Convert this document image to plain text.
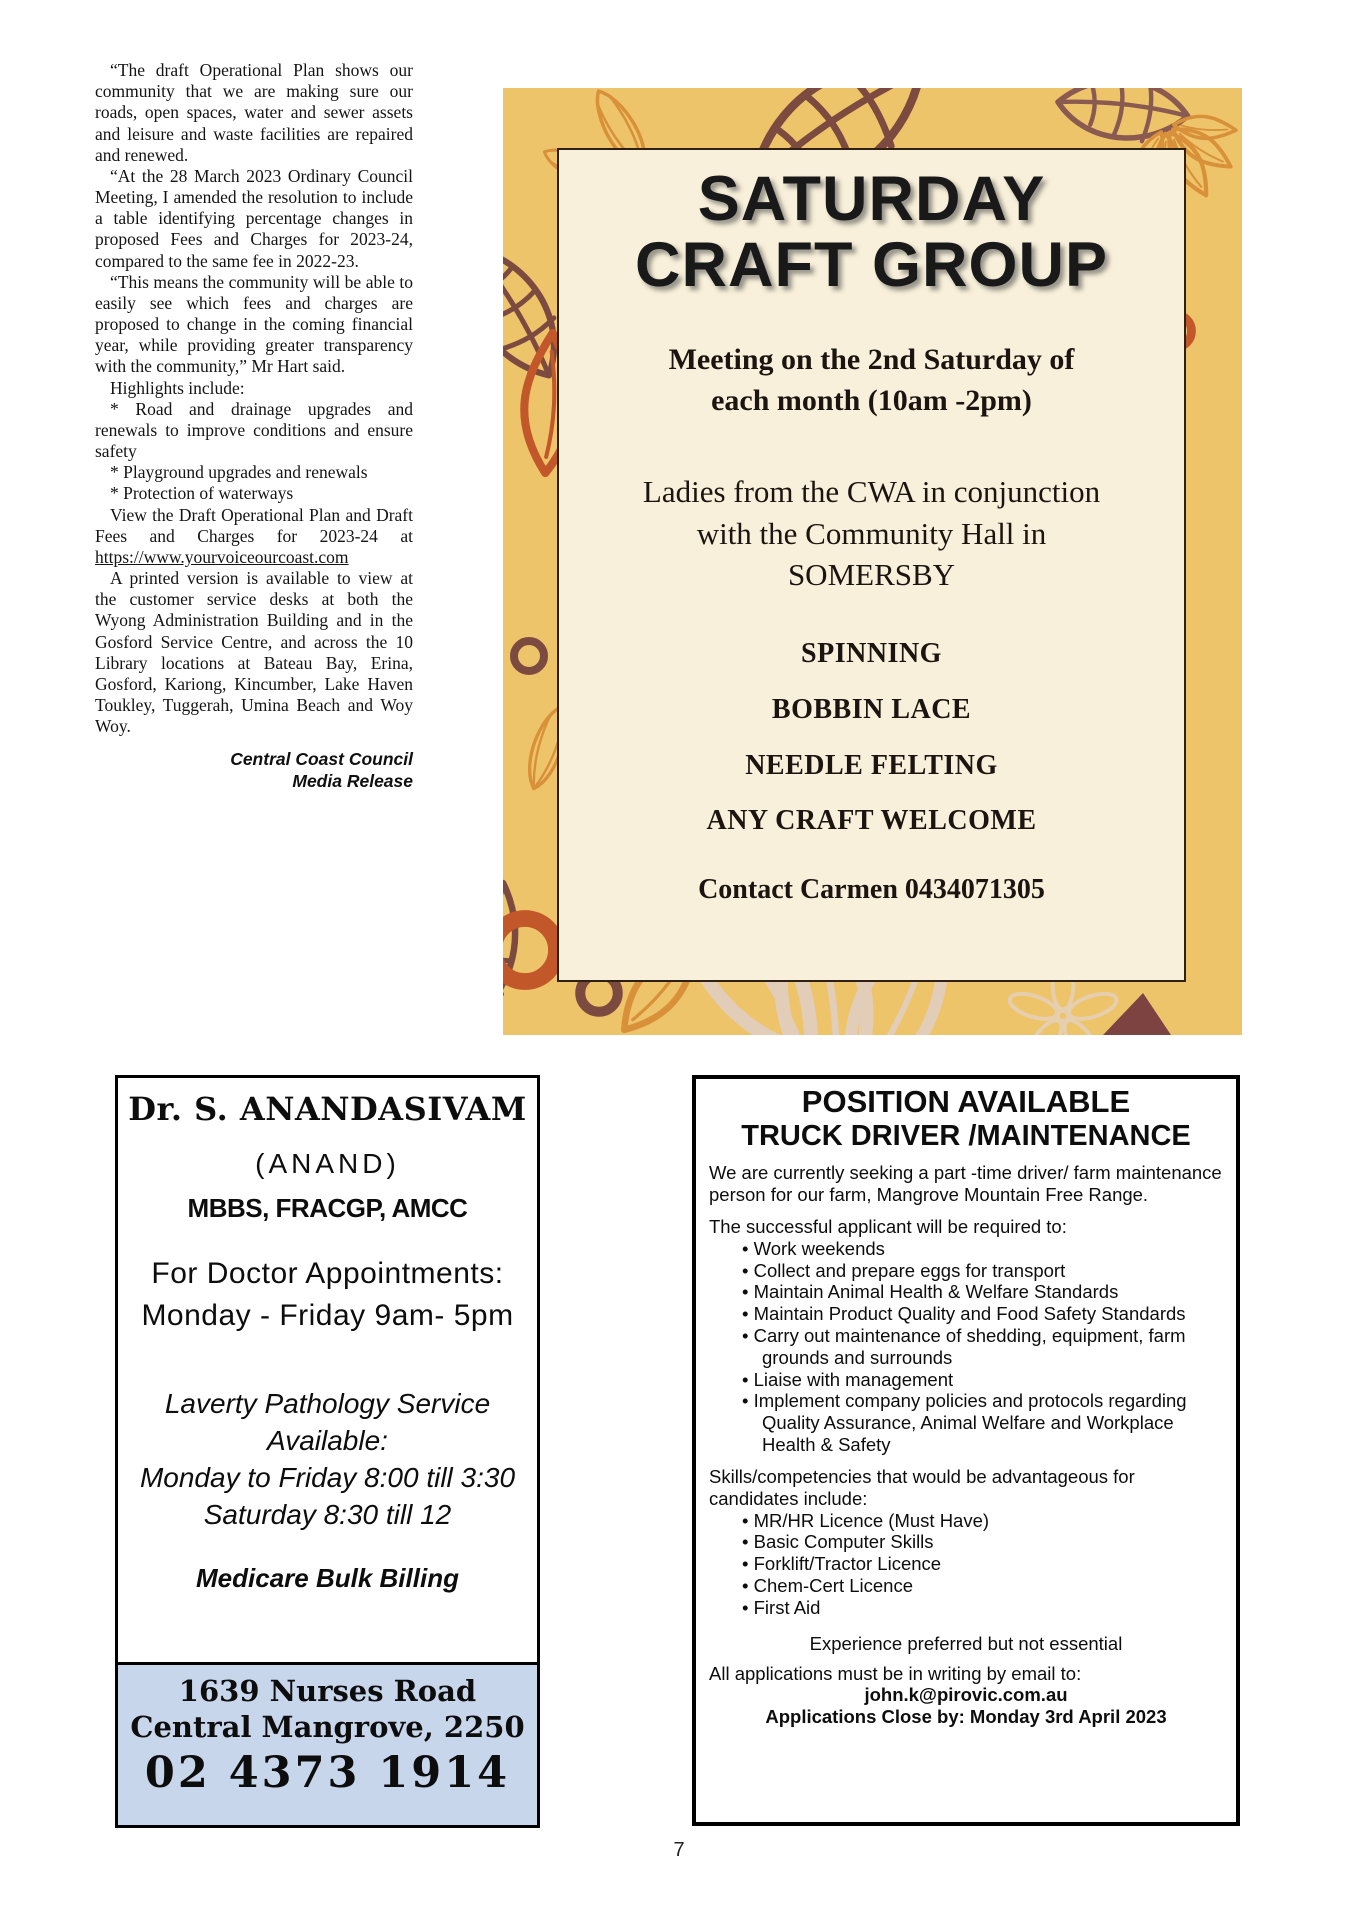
“The draft Operational Plan shows our community that we are making sure our roads, open spaces, water and sewer assets and leisure and waste facilities are repaired and renewed.

“At the 28 March 2023 Ordinary Council Meeting, I amended the resolution to include a table identifying percentage changes in proposed Fees and Charges for 2023-24, compared to the same fee in 2022-23.

“This means the community will be able to easily see which fees and charges are proposed to change in the coming financial year, while providing greater transparency with the community,” Mr Hart said.

Highlights include:

* Road and drainage upgrades and renewals to improve conditions and ensure safety

* Playground upgrades and renewals

* Protection of waterways

View the Draft Operational Plan and Draft Fees and Charges for 2023-24 at https://www.yourvoiceourcoast.com

A printed version is available to view at the customer service desks at both the Wyong Administration Building and in the Gosford Service Centre, and across the 10 Library locations at Bateau Bay, Erina, Gosford, Kariong, Kincumber, Lake Haven Toukley, Tuggerah, Umina Beach and Woy Woy.

Central Coast Council
Media Release
SATURDAY
CRAFT GROUP
Meeting on the 2nd Saturday of
each month (10am -2pm)
Ladies from the CWA in conjunction
with the Community Hall in
SOMERSBY
SPINNING
BOBBIN LACE
NEEDLE FELTING
ANY CRAFT WELCOME
Contact Carmen 0434071305
Dr. S. ANANDASIVAM
(ANAND)
MBBS, FRACGP, AMCC
For Doctor Appointments:
Monday - Friday 9am- 5pm
Laverty Pathology Service
Available:
Monday to Friday 8:00 till 3:30
Saturday 8:30 till 12
Medicare Bulk Billing
1639 Nurses Road
Central Mangrove, 2250
02 4373 1914
POSITION AVAILABLE
TRUCK DRIVER /MAINTENANCE
We are currently seeking a part -time driver/ farm maintenance person for our farm, Mangrove Mountain Free Range.
The successful applicant will be required to:
• Work weekends
• Collect and prepare eggs for transport
• Maintain Animal Health & Welfare Standards
• Maintain Product Quality and Food Safety Standards
• Carry out maintenance of shedding, equipment, farm grounds and surrounds
• Liaise with management
• Implement company policies and protocols regarding Quality Assurance, Animal Welfare and Workplace Health & Safety
Skills/competencies that would be advantageous for candidates include:
• MR/HR Licence (Must Have)
• Basic Computer Skills
• Forklift/Tractor Licence
• Chem-Cert Licence
• First Aid
Experience preferred but not essential
All applications must be in writing by email to:
john.k@pirovic.com.au
Applications Close by: Monday 3rd April 2023
7
